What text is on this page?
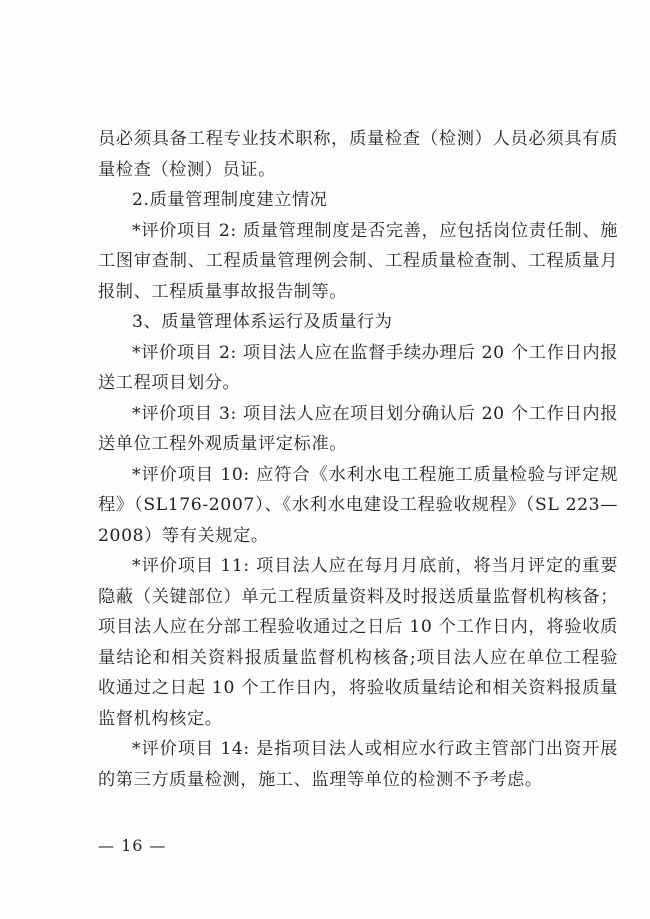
员必须具备工程专业技术职称，质量检查（检测）人员必须具有质量检查（检测）员证。

2.质量管理制度建立情况

*评价项目 2: 质量管理制度是否完善，应包括岗位责任制、施工图审查制、工程质量管理例会制、工程质量检查制、工程质量月报制、工程质量事故报告制等。

3、质量管理体系运行及质量行为

*评价项目 2: 项目法人应在监督手续办理后 20 个工作日内报送工程项目划分。

*评价项目 3: 项目法人应在项目划分确认后 20 个工作日内报送单位工程外观质量评定标准。

*评价项目 10: 应符合《水利水电工程施工质量检验与评定规程》（SL176-2007）、《水利水电建设工程验收规程》（SL 223—2008）等有关规定。

*评价项目 11: 项目法人应在每月月底前，将当月评定的重要隐蔽（关键部位）单元工程质量资料及时报送质量监督机构核备；项目法人应在分部工程验收通过之日后 10 个工作日内，将验收质量结论和相关资料报质量监督机构核备;项目法人应在单位工程验收通过之日起 10 个工作日内，将验收质量结论和相关资料报质量监督机构核定。

*评价项目 14: 是指项目法人或相应水行政主管部门出资开展的第三方质量检测，施工、监理等单位的检测不予考虑。

— 16 —
